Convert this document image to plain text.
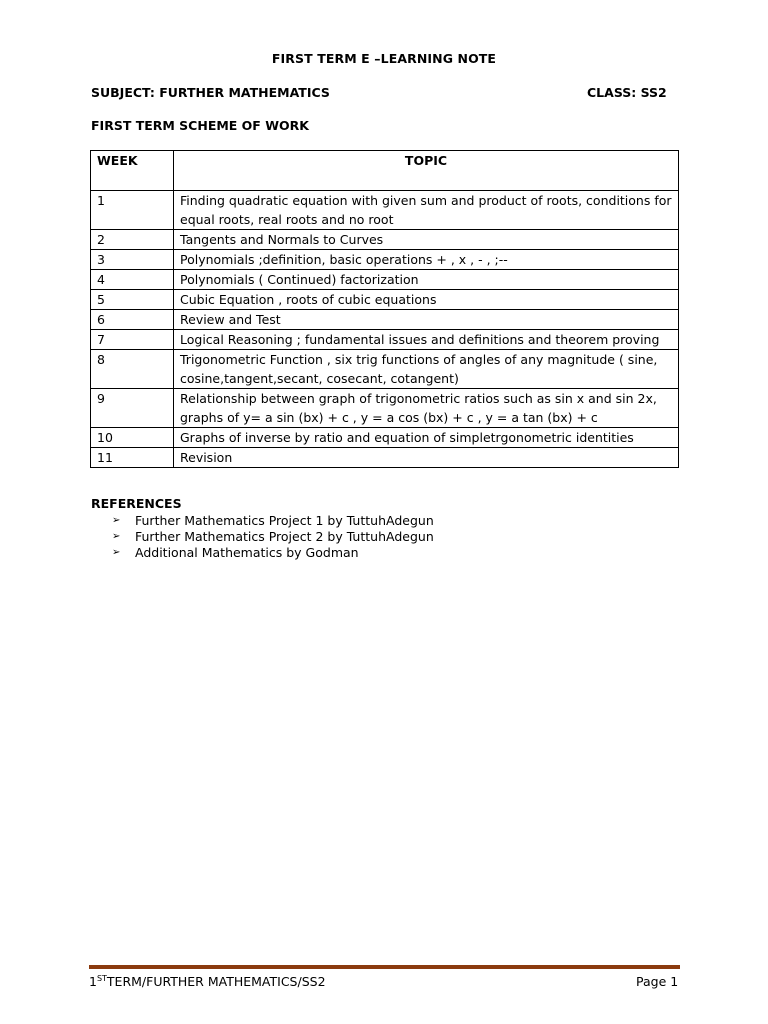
FIRST TERM E –LEARNING NOTE
SUBJECT: FURTHER MATHEMATICS	CLASS: SS2
FIRST TERM SCHEME OF WORK
WEEK	TOPIC
1	Finding quadratic equation with given sum and product of roots, conditions for equal roots, real roots and no root
2	Tangents and Normals to Curves
3	Polynomials ;definition, basic operations + , x , - , ;--
4	Polynomials ( Continued) factorization
5	Cubic Equation , roots of cubic equations
6	Review and Test
7	Logical Reasoning ; fundamental issues and definitions and theorem proving
8	Trigonometric Function , six trig functions of angles of any magnitude ( sine, cosine,tangent,secant, cosecant, cotangent)
9	Relationship between graph of trigonometric ratios such as sin x and sin 2x, graphs of y= a sin (bx) + c , y = a cos (bx) + c , y = a tan (bx) + c
10	Graphs of inverse by ratio and equation of simpletrgonometric identities
11	Revision
REFERENCES
➢	Further Mathematics Project 1 by TuttuhAdegun
➢	Further Mathematics Project 2 by TuttuhAdegun
➢	Additional Mathematics by Godman
1STTERM/FURTHER MATHEMATICS/SS2	Page 1
